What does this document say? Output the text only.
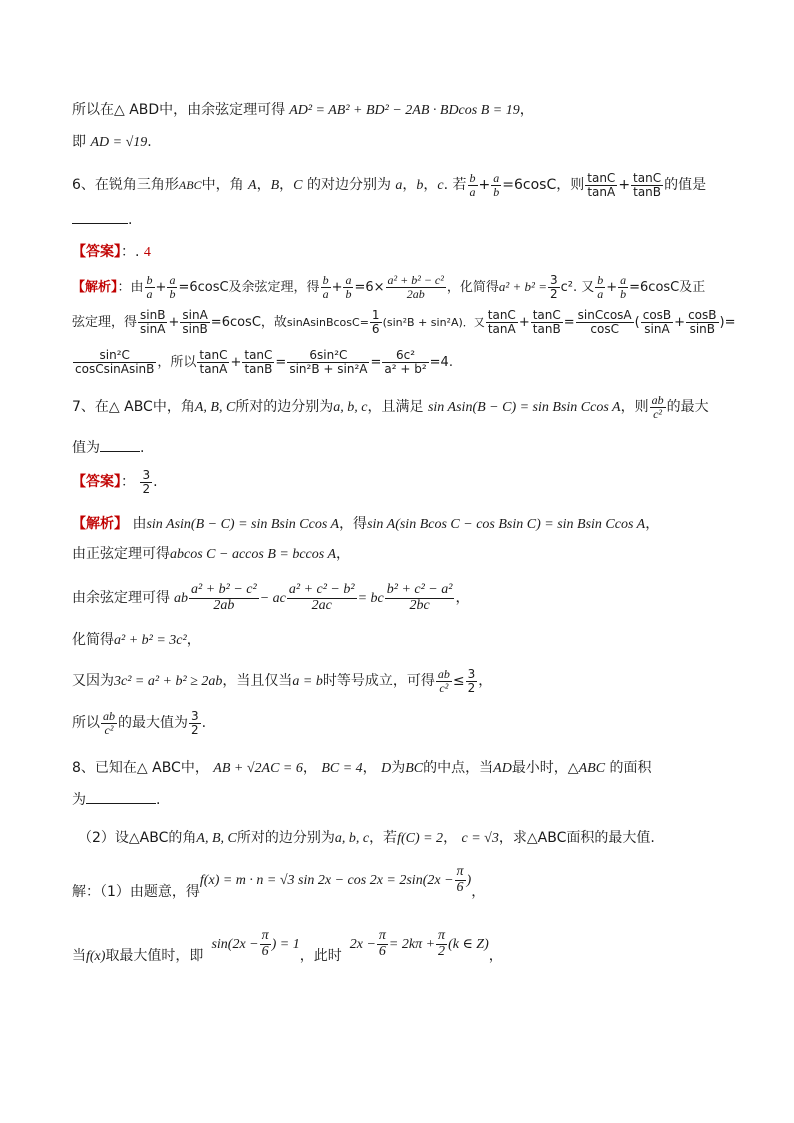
所以在△ ABD中，由余弦定理可得 AD² = AB² + BD² − 2AB · BDcos B = 19，
即 AD = √19.
6、在锐角三角形ABC中，角 A，B，C 的对边分别为 a，b，c. 若 $\frac{b}{a} + \frac{a}{b} =6\cos C$，则 $\frac{\tan C}{\tan A} + \frac{\tan C}{\tan B}$ 的值是
.
【答案】：. 4
【解析】：由 $\frac{b}{a} + \frac{a}{b} =6\cos C$及余弦定理，得 $\frac{b}{a} + \frac{a}{b} =6\times \frac{\text{a² + b² − c²}}{2ab}$ ，化简得$a^2 + b^2 = \frac{3}{2} c^2$. 又 $\frac{b}{a} + \frac{a}{b} =6\cos C$及正
弦定理，得 $\frac{\sin B}{\sin A} + \frac{\sin A}{\sin B} =6\cos C$，故sinAsinBcosC= $\frac{1}{6} (\sin^2B + \sin^2A)$．又 $\frac{\tan C}{\tan A} + \frac{\tan C}{\tan B} = \frac{\text{sinCcosA}}{\cos C}$ ( $\frac{\cos B}{\sin A} + \frac{\cos B}{\sin B}$ )=
$\frac{\text{sin²C}}{\text{cosCsinAsinB}}$ ，所以 $\frac{\tan C}{\tan A} + \frac{\tan C}{\tan B} = \frac{\text{6sin²C}}{\text{sin²B + sin²A}} = \frac{\text{6c²}}{\text{a² + b²}} =4$.
7、在△ ABC中，角A, B, C所对的边分别为a, b, c，且满足 sin Asin(B − C) = sin Bsin Ccos A，则 $\frac{ab}{\text{c²}}$ 的最大
值为	.
【答案】： $\frac{3}{2}$ .
【解析】 由sin Asin(B − C) = sin Bsin Ccos A，得sin A(sin Bcos C − cos Bsin C) = sin Bsin Ccos A，
由正弦定理可得abcos C − accos B = bccos A，
由余弦定理可得 ab $\frac{\text{a² + b² − c²}}{2ab}$ − ac $\frac{\text{a² + c² − b²}}{2ac}$ = bc $\frac{\text{b² + c² − a²}}{2bc}$ ，
化简得a² + b² = 3c²，
又因为3c² = a² + b² ≥ 2ab，当且仅当a = b时等号成立，可得 $\frac{ab}{\text{c²}} \le \frac{3}{2}$ ，
所以 $\frac{ab}{\text{c²}}$ 的最大值为 $\frac{3}{2}$ .
8、已知在△ ABC中， AB + √2AC = 6， BC = 4， D为BC的中点，当AD最小时，△ABC 的面积
为	.
（2）设△ABC的角A, B, C所对的边分别为a, b, c，若f(C) = 2， c = √3，求△ABC面积的最大值.
解：（1）由题意，得f(x) = m · n = √3 $\sin 2x - \cos 2x = 2\sin(2x - \frac{\pi}{6}$ )，
当f(x)取最大值时，即$\sin(2x - \frac{\pi}{6}$ ) = 1，此时$2x - \frac{\pi}{6} = 2k\pi + \frac{\pi}{2} (k$ ∈ Z)，
